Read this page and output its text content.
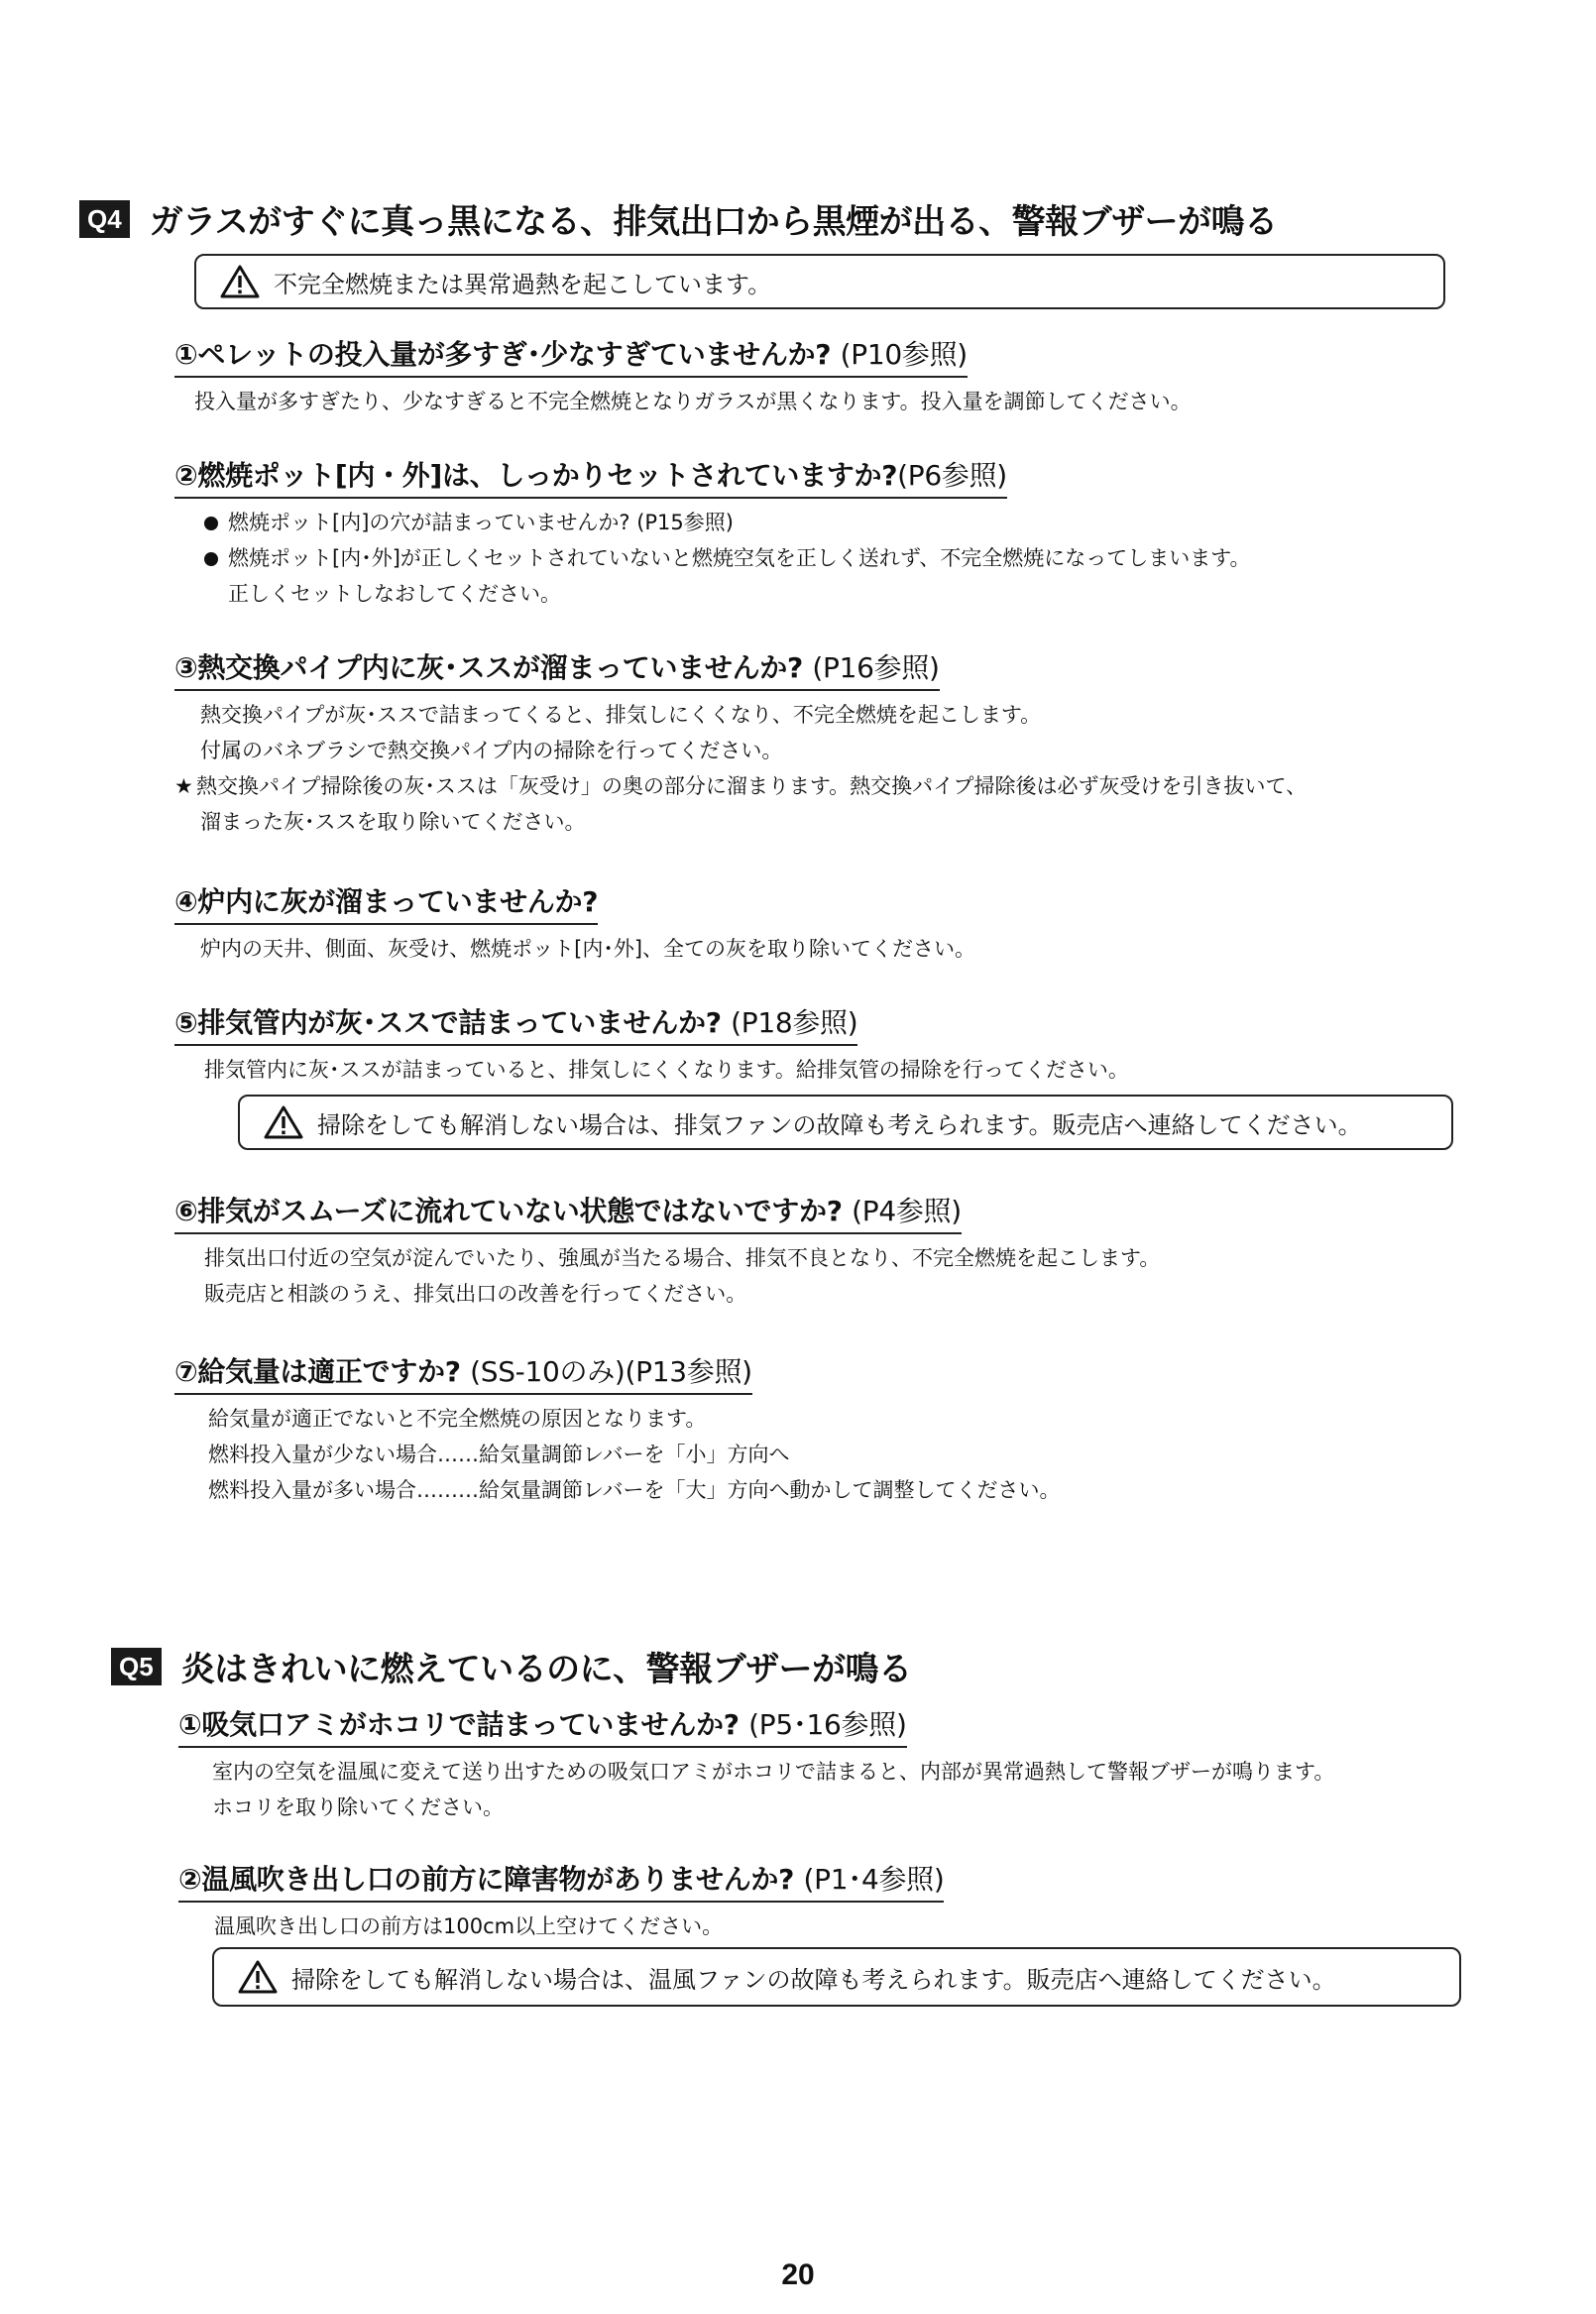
Q4 ガラスがすぐに真っ黒になる、排気出口から黒煙が出る、警報ブザーが鳴る
不完全燃焼または異常過熱を起こしています。
①ペレットの投入量が多すぎ･少なすぎていませんか? (P10参照)

投入量が多すぎたり、少なすぎると不完全燃焼となりガラスが黒くなります。投入量を調節してください。

②燃焼ポット[内・外]は、しっかりセットされていますか?(P6参照)
燃焼ポット[内]の穴が詰まっていませんか? (P15参照)
燃焼ポット[内･外]が正しくセットされていないと燃焼空気を正しく送れず、不完全燃焼になってしまいます。

正しくセットしなおしてください。

③熱交換パイプ内に灰･ススが溜まっていませんか? (P16参照)

熱交換パイプが灰･ススで詰まってくると、排気しにくくなり、不完全燃焼を起こします。

付属のバネブラシで熱交換パイプ内の掃除を行ってください。

★ 熱交換パイプ掃除後の灰･ススは「灰受け」の奥の部分に溜まります。熱交換パイプ掃除後は必ず灰受けを引き抜いて、

溜まった灰･ススを取り除いてください。

④炉内に灰が溜まっていませんか?

炉内の天井、側面、灰受け、燃焼ポット[内･外]、全ての灰を取り除いてください。

⑤排気管内が灰･ススで詰まっていませんか? (P18参照)

排気管内に灰･ススが詰まっていると、排気しにくくなります。給排気管の掃除を行ってください。

掃除をしても解消しない場合は、排気ファンの故障も考えられます。販売店へ連絡してください。
⑥排気がスムーズに流れていない状態ではないですか? (P4参照)

排気出口付近の空気が淀んでいたり、強風が当たる場合、排気不良となり、不完全燃焼を起こします。

販売店と相談のうえ、排気出口の改善を行ってください。

⑦給気量は適正ですか? (SS-10のみ)(P13参照)

給気量が適正でないと不完全燃焼の原因となります。

燃料投入量が少ない場合……給気量調節レバーを「小」方向へ

燃料投入量が多い場合………給気量調節レバーを「大」方向へ動かして調整してください。

Q5 炎はきれいに燃えているのに、警報ブザーが鳴る
①吸気口アミがホコリで詰まっていませんか? (P5･16参照)

室内の空気を温風に変えて送り出すための吸気口アミがホコリで詰まると、内部が異常過熱して警報ブザーが鳴ります。

ホコリを取り除いてください。

②温風吹き出し口の前方に障害物がありませんか? (P1･4参照)

温風吹き出し口の前方は100cm以上空けてください。

掃除をしても解消しない場合は、温風ファンの故障も考えられます。販売店へ連絡してください。
20
